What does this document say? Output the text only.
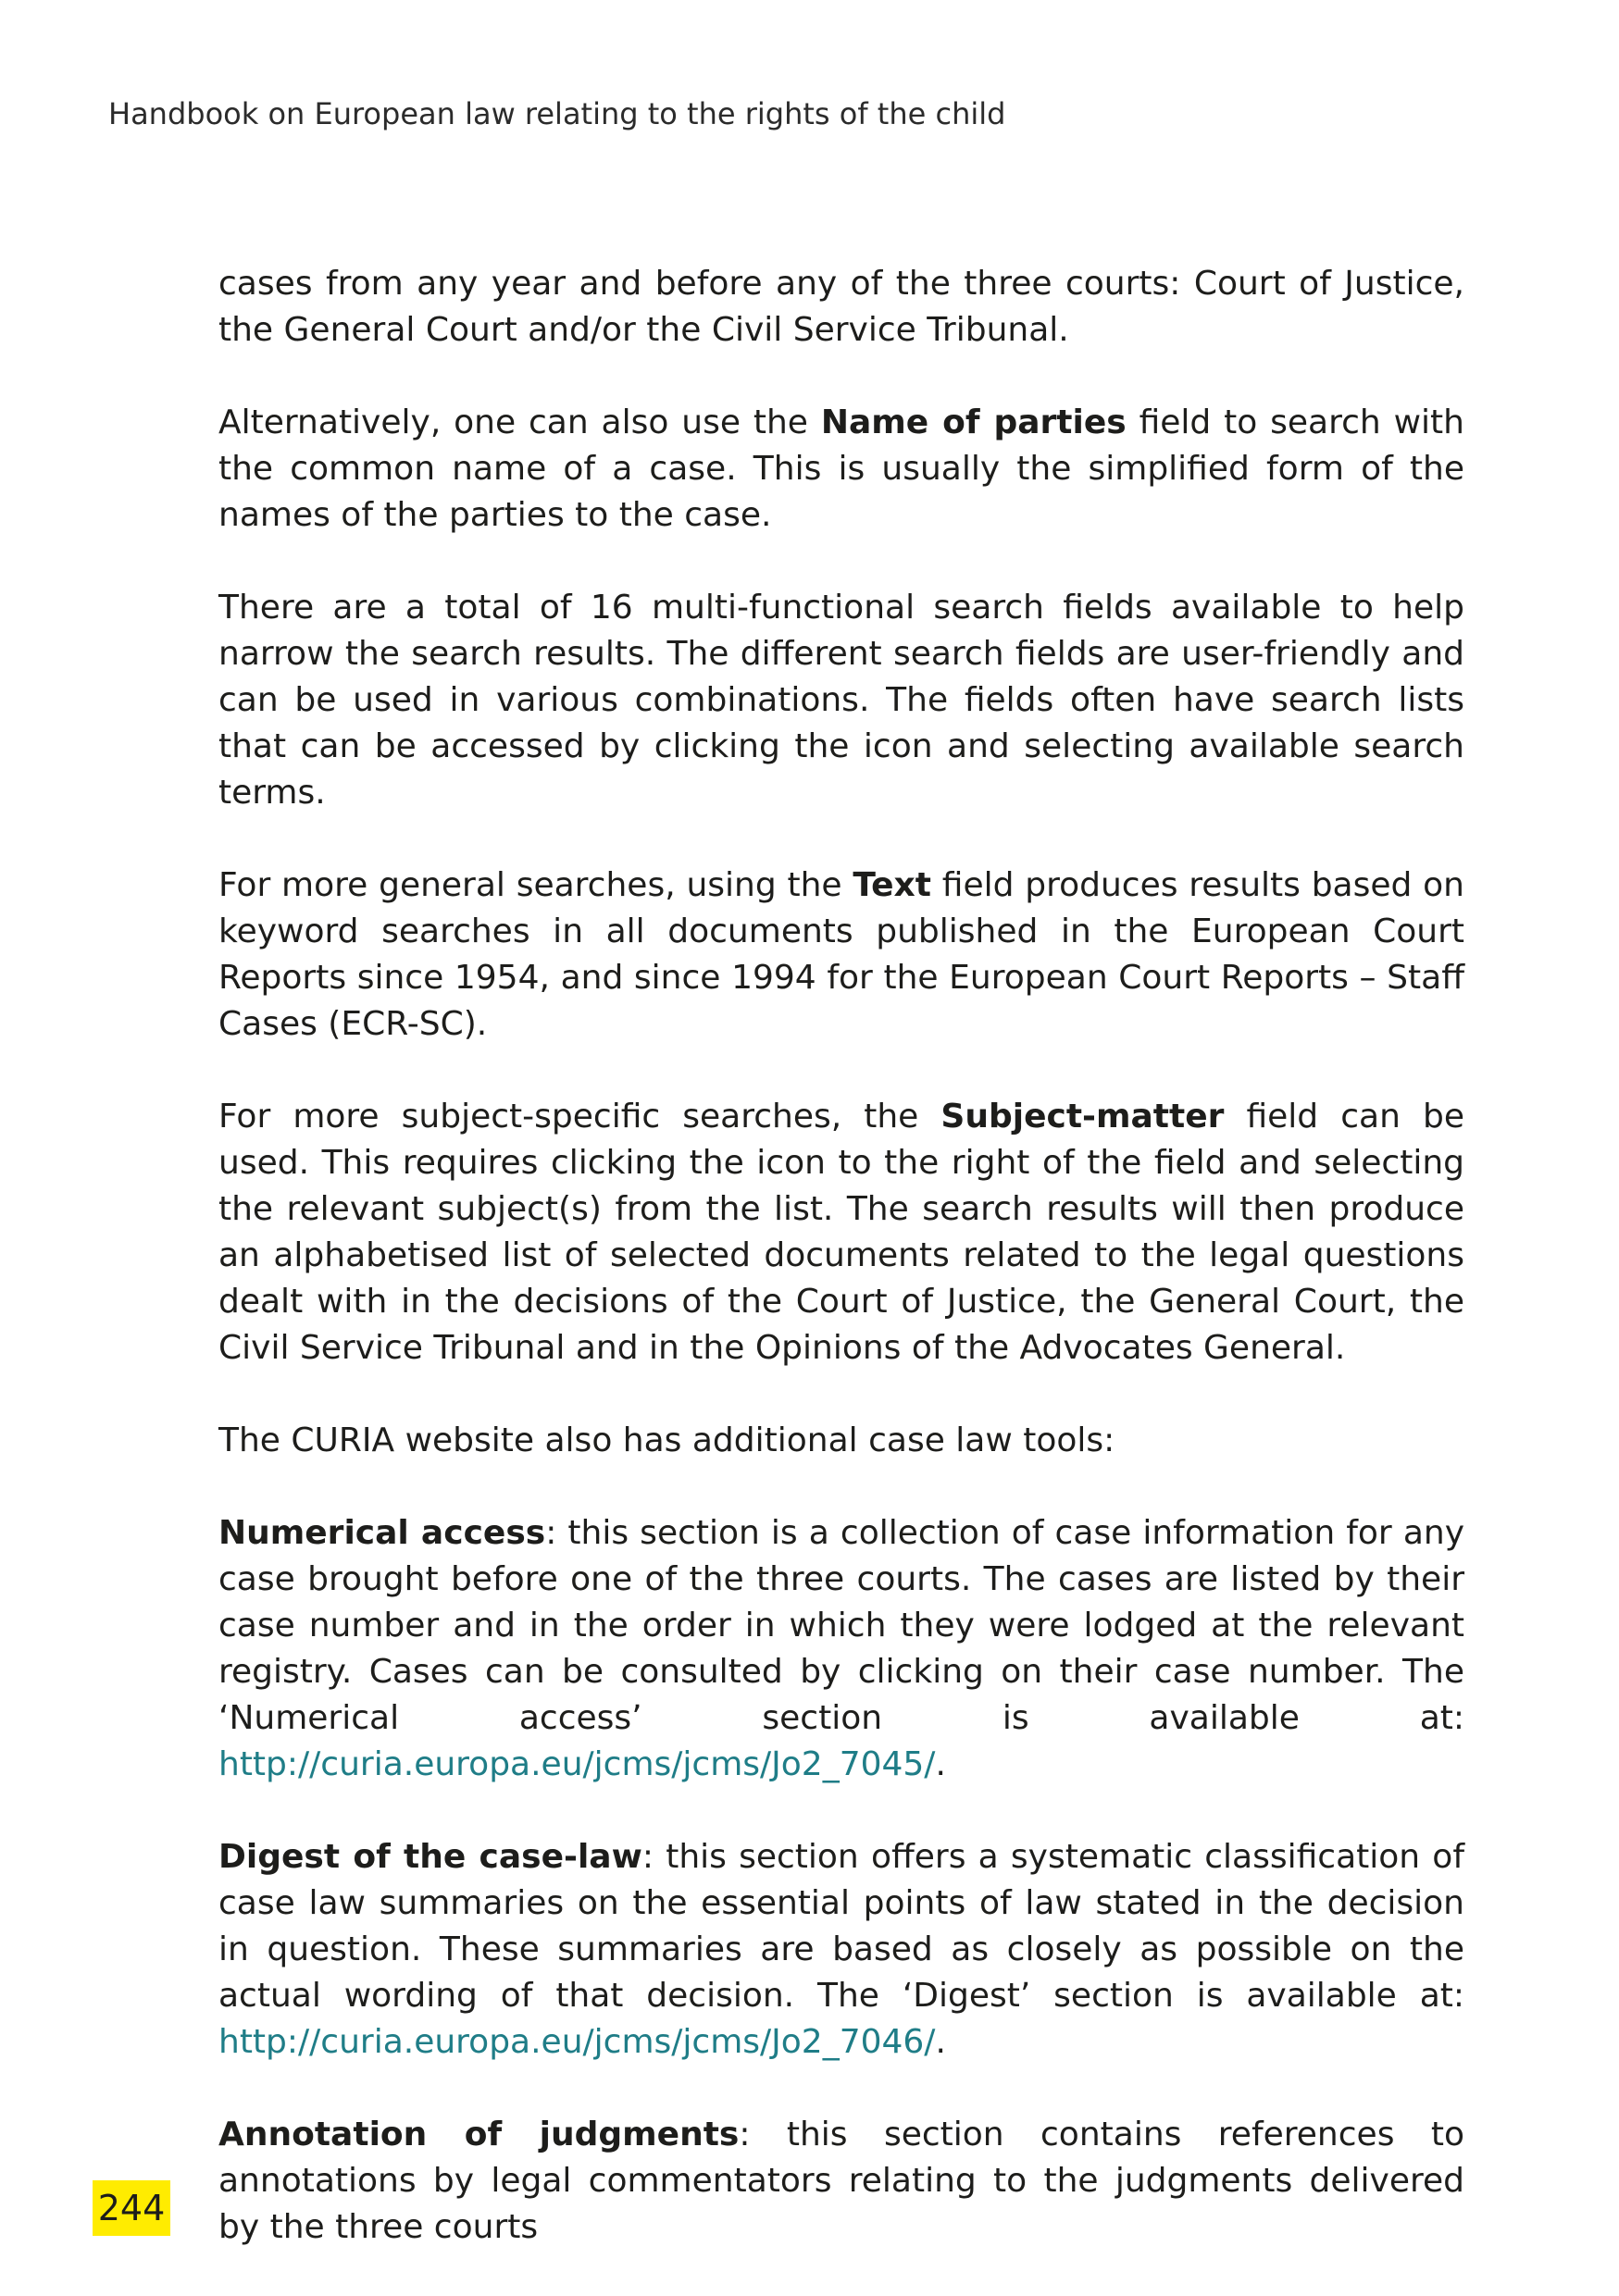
Handbook on European law relating to the rights of the child

cases from any year and before any of the three courts: Court of Justice, the General Court and/or the Civil Service Tribunal.

Alternatively, one can also use the Name of parties field to search with the common name of a case. This is usually the simplified form of the names of the parties to the case.

There are a total of 16 multi-functional search fields available to help narrow the search results. The different search fields are user-friendly and can be used in various combinations. The fields often have search lists that can be accessed by clicking the icon and selecting available search terms.

For more general searches, using the Text field produces results based on keyword searches in all documents published in the European Court Reports since 1954, and since 1994 for the European Court Reports – Staff Cases (ECR-SC).

For more subject-specific searches, the Subject-matter field can be used. This requires clicking the icon to the right of the field and selecting the relevant subject(s) from the list. The search results will then produce an alphabetised list of selected documents related to the legal questions dealt with in the decisions of the Court of Justice, the General Court, the Civil Service Tribunal and in the Opinions of the Advocates General.

The CURIA website also has additional case law tools:

Numerical access: this section is a collection of case information for any case brought before one of the three courts. The cases are listed by their case number and in the order in which they were lodged at the relevant registry. Cases can be consulted by clicking on their case number. The ‘Numerical access’ section is available at: http://curia.europa.eu/jcms/jcms/Jo2_7045/.

Digest of the case-law: this section offers a systematic classification of case law summaries on the essential points of law stated in the decision in question. These summaries are based as closely as possible on the actual wording of that decision. The ‘Digest’ section is available at: http://curia.europa.eu/jcms/jcms/Jo2_7046/.

Annotation of judgments: this section contains references to annotations by legal commentators relating to the judgments delivered by the three courts

244
